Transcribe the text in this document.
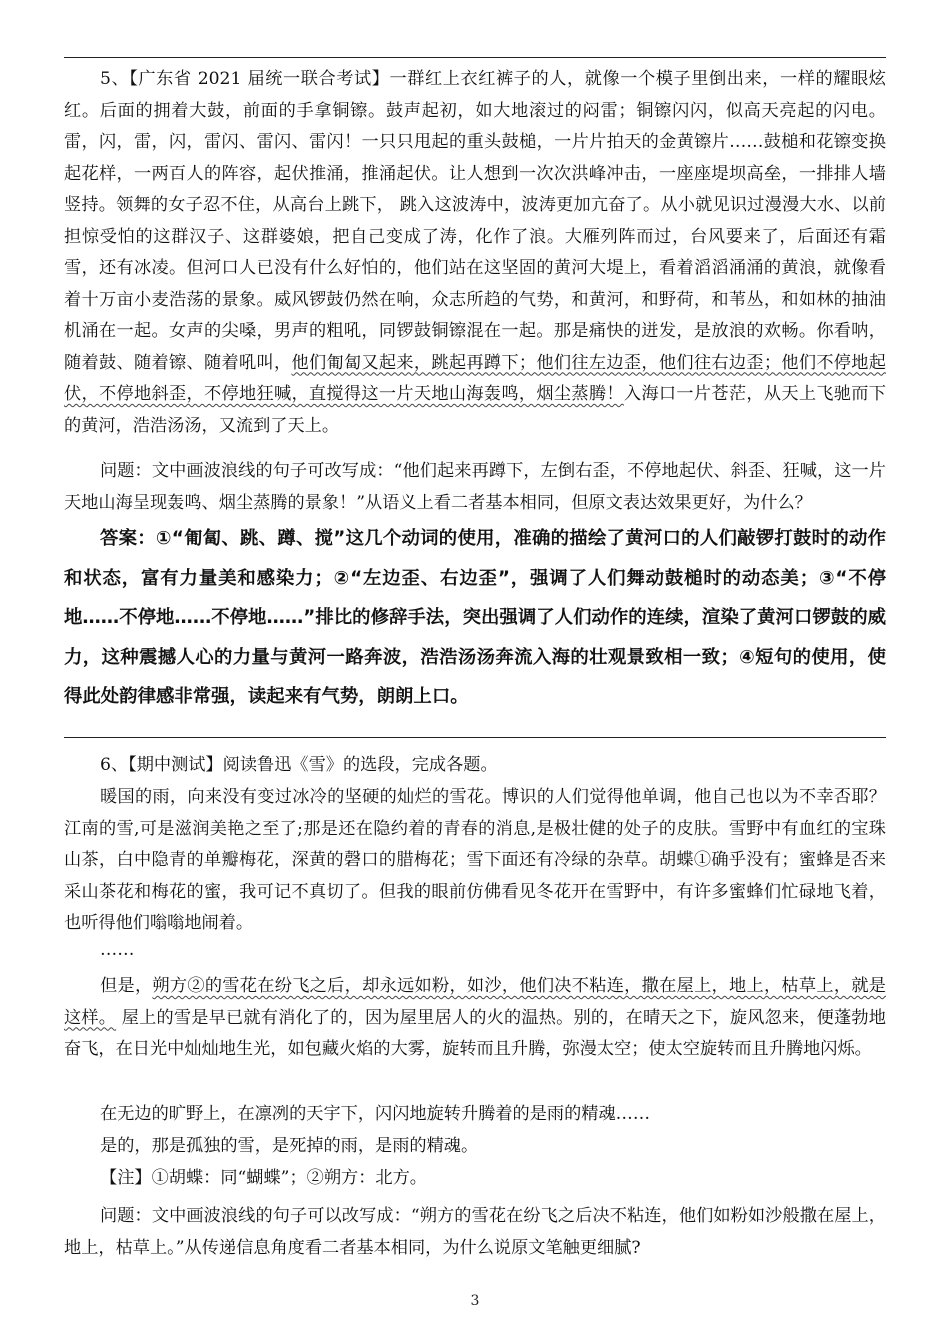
5、【广东省 2021 届统一联合考试】一群红上衣红裤子的人，就像一个模子里倒出来，一样的耀眼炫红。后面的拥着大鼓，前面的手拿铜镲。鼓声起初，如大地滚过的闷雷；铜镲闪闪，似高天亮起的闪电。雷，闪，雷，闪，雷闪、雷闪、雷闪！一只只甩起的重头鼓槌，一片片拍天的金黄镲片……鼓槌和花镲变换起花样，一两百人的阵容，起伏推涌，推涌起伏。让人想到一次次洪峰冲击，一座座堤坝高垒，一排排人墙竖持。领舞的女子忍不住，从高台上跳下， 跳入这波涛中，波涛更加亢奋了。从小就见识过漫漫大水、以前担惊受怕的这群汉子、这群婆娘，把自己变成了涛，化作了浪。大雁列阵而过，台风要来了，后面还有霜雪，还有冰凌。但河口人已没有什么好怕的，他们站在这坚固的黄河大堤上，看着滔滔涌涌的黄浪，就像看着十万亩小麦浩荡的景象。威风锣鼓仍然在响，众志所趋的气势，和黄河，和野荷，和苇丛，和如林的抽油机涌在一起。女声的尖嗓，男声的粗吼，同锣鼓铜镲混在一起。那是痛快的迸发，是放浪的欢畅。你看呐，随着鼓、随着镲、随着吼叫，他们匍匐又起来，跳起再蹲下；他们往左边歪，他们往右边歪；他们不停地起伏，不停地斜歪，不停地狂喊，直搅得这一片天地山海轰鸣，烟尘蒸腾！入海口一片苍茫，从天上飞驰而下的黄河，浩浩汤汤，又流到了天上。
问题：文中画波浪线的句子可改写成：“他们起来再蹲下，左倒右歪，不停地起伏、斜歪、狂喊，这一片天地山海呈现轰鸣、烟尘蒸腾的景象！”从语义上看二者基本相同，但原文表达效果更好，为什么？
答案：①“匍匐、跳、蹲、搅”这几个动词的使用，准确的描绘了黄河口的人们敲锣打鼓时的动作和状态，富有力量美和感染力；②“左边歪、右边歪”，强调了人们舞动鼓槌时的动态美；③“不停地……不停地……不停地……”排比的修辞手法，突出强调了人们动作的连续，渲染了黄河口锣鼓的威力，这种震撼人心的力量与黄河一路奔波，浩浩汤汤奔流入海的壮观景致相一致；④短句的使用，使得此处韵律感非常强，读起来有气势，朗朗上口。
6、【期中测试】阅读鲁迅《雪》的选段，完成各题。
暖国的雨，向来没有变过冰冷的坚硬的灿烂的雪花。博识的人们觉得他单调，他自己也以为不幸否耶？江南的雪,可是滋润美艳之至了;那是还在隐约着的青春的消息,是极壮健的处子的皮肤。雪野中有血红的宝珠山茶，白中隐青的单瓣梅花，深黄的磬口的腊梅花；雪下面还有冷绿的杂草。胡蝶①确乎没有；蜜蜂是否来采山茶花和梅花的蜜，我可记不真切了。但我的眼前仿佛看见冬花开在雪野中，有许多蜜蜂们忙碌地飞着，也听得他们嗡嗡地闹着。
……
但是，朔方②的雪花在纷飞之后，却永远如粉，如沙，他们决不粘连，撒在屋上，地上，枯草上，就是这样。 屋上的雪是早已就有消化了的，因为屋里居人的火的温热。别的，在晴天之下，旋风忽来，便蓬勃地奋飞，在日光中灿灿地生光，如包藏火焰的大雾，旋转而且升腾，弥漫太空；使太空旋转而且升腾地闪烁。
在无边的旷野上，在凛冽的天宇下，闪闪地旋转升腾着的是雨的精魂……
是的，那是孤独的雪，是死掉的雨，是雨的精魂。
【注】①胡蝶：同“蝴蝶”；②朔方：北方。
问题：文中画波浪线的句子可以改写成：“朔方的雪花在纷飞之后决不粘连，他们如粉如沙般撒在屋上，地上，枯草上。”从传递信息角度看二者基本相同，为什么说原文笔触更细腻?
3
